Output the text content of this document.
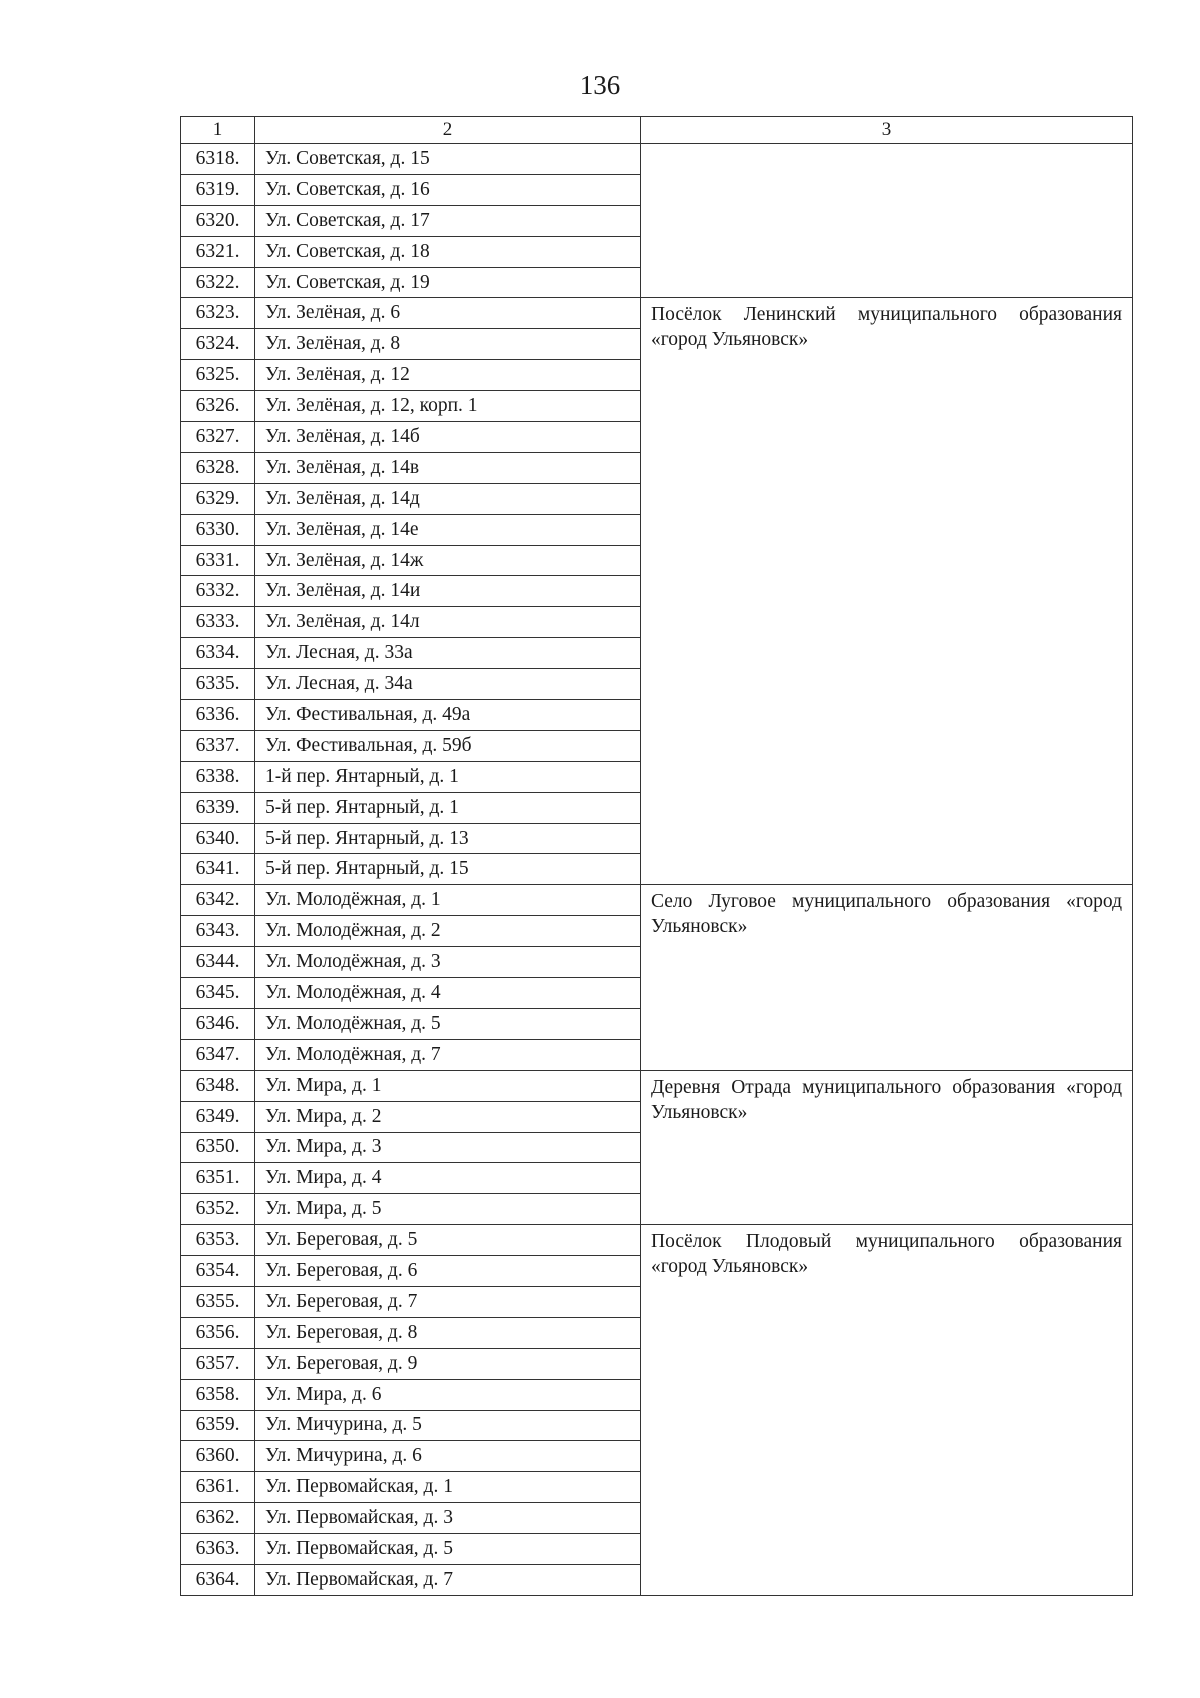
136
1	2	3
6318.	Ул. Советская, д. 15	
6319.	Ул. Советская, д. 16	
6320.	Ул. Советская, д. 17	
6321.	Ул. Советская, д. 18	
6322.	Ул. Советская, д. 19	
6323.	Ул. Зелёная, д. 6	Посёлок Ленинский муниципального образования «город Ульяновск»
6324.	Ул. Зелёная, д. 8	
6325.	Ул. Зелёная, д. 12	
6326.	Ул. Зелёная, д. 12, корп. 1	
6327.	Ул. Зелёная, д. 14б	
6328.	Ул. Зелёная, д. 14в	
6329.	Ул. Зелёная, д. 14д	
6330.	Ул. Зелёная, д. 14е	
6331.	Ул. Зелёная, д. 14ж	
6332.	Ул. Зелёная, д. 14и	
6333.	Ул. Зелёная, д. 14л	
6334.	Ул. Лесная, д. 33а	
6335.	Ул. Лесная, д. 34а	
6336.	Ул. Фестивальная, д. 49а	
6337.	Ул. Фестивальная, д. 59б	
6338.	1-й пер. Янтарный, д. 1	
6339.	5-й пер. Янтарный, д. 1	
6340.	5-й пер. Янтарный, д. 13	
6341.	5-й пер. Янтарный, д. 15	
6342.	Ул. Молодёжная, д. 1	Село Луговое муниципального образования «город Ульяновск»
6343.	Ул. Молодёжная, д. 2	
6344.	Ул. Молодёжная, д. 3	
6345.	Ул. Молодёжная, д. 4	
6346.	Ул. Молодёжная, д. 5	
6347.	Ул. Молодёжная, д. 7	
6348.	Ул. Мира, д. 1	Деревня Отрада муниципального образования «город Ульяновск»
6349.	Ул. Мира, д. 2	
6350.	Ул. Мира, д. 3	
6351.	Ул. Мира, д. 4	
6352.	Ул. Мира, д. 5	
6353.	Ул. Береговая, д. 5	Посёлок Плодовый муниципального образования «город Ульяновск»
6354.	Ул. Береговая, д. 6	
6355.	Ул. Береговая, д. 7	
6356.	Ул. Береговая, д. 8	
6357.	Ул. Береговая, д. 9	
6358.	Ул. Мира, д. 6	
6359.	Ул. Мичурина, д. 5	
6360.	Ул. Мичурина, д. 6	
6361.	Ул. Первомайская, д. 1	
6362.	Ул. Первомайская, д. 3	
6363.	Ул. Первомайская, д. 5	
6364.	Ул. Первомайская, д. 7	
